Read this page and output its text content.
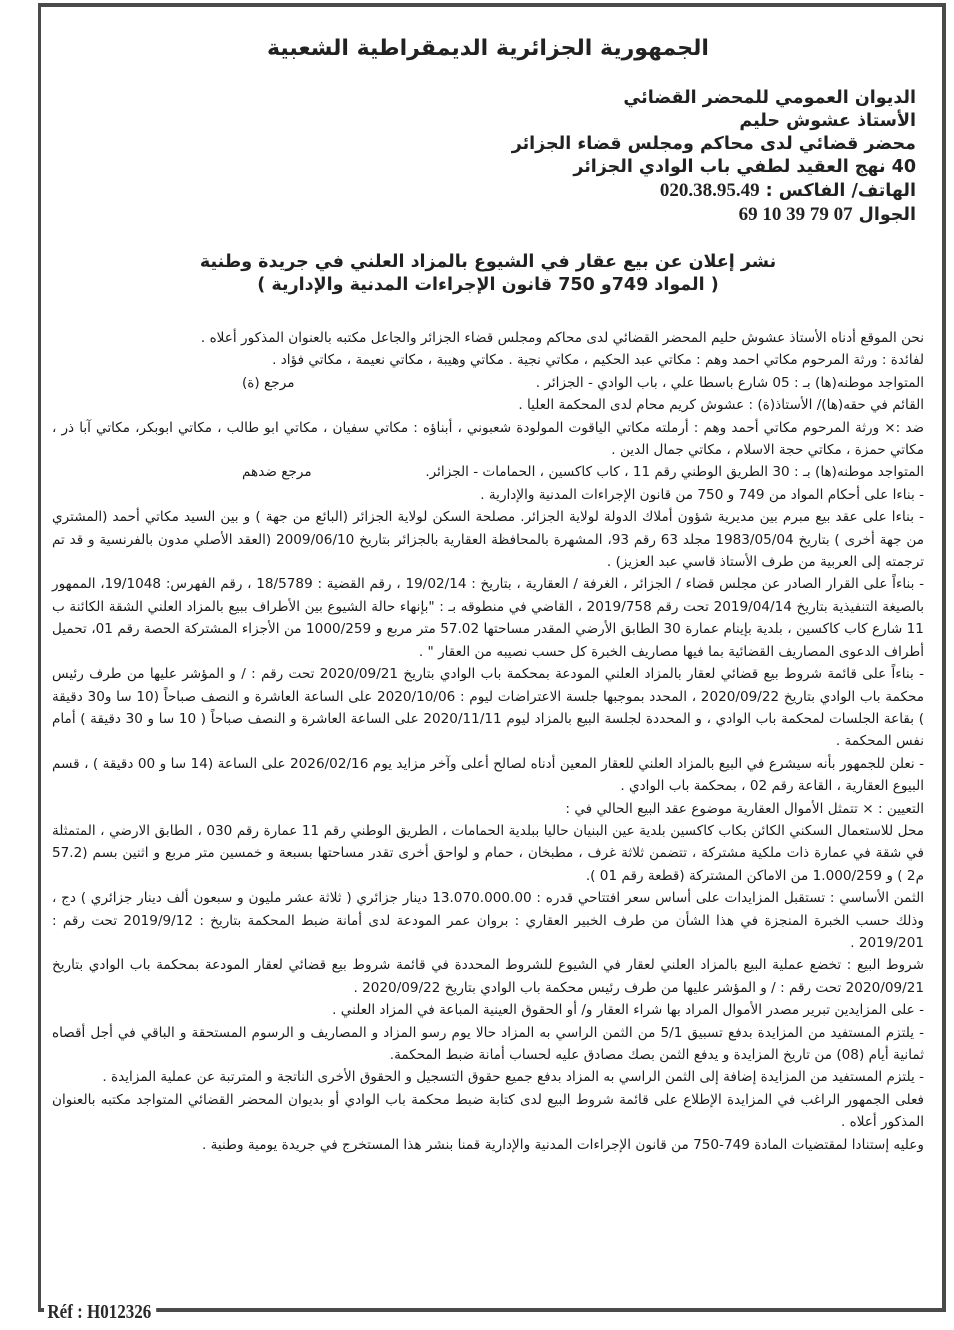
الجمهورية الجزائرية الديمقراطية الشعبية
الديوان العمومي للمحضر القضائي
الأستاذ عشوش حليم
محضر قضائي لدى محاكم ومجلس قضاء الجزائر
40 نهج العقيد لطفي باب الوادي الجزائر
الهاتف/ الفاكس : 020.38.95.49
الجوال 07 79 39 10 69
نشر إعلان عن بيع عقار في الشيوع بالمزاد العلني في جريدة وطنية
( المواد 749و 750 قانون الإجراءات المدنية والإدارية )

نحن الموقع أدناه الأستاذ عشوش حليم المحضر القضائي لدى محاكم ومجلس قضاء الجزائر والجاعل مكتبه بالعنوان المذكور أعلاه .

لفائدة : ورثة المرحوم مكاتي احمد وهم : مكاتي عبد الحكيم ، مكاتي نجية . مكاتي وهيبة ، مكاتي نعيمة ، مكاتي فؤاد .

المتواجد موطنه(ها) بـ : 05 شارع باسطا علي ، باب الوادي - الجزائر .
مرجع (ة)

القائم في حقه(ها)/ الأستاذ(ة) : عشوش كريم محام لدى المحكمة العليا .

ضد :× ورثة المرحوم مكاتي أحمد وهم : أرملته مكاتي الياقوت المولودة شعبوني ، أبناؤه : مكاتي سفيان ، مكاتي ابو طالب ، مكاتي ابوبكر، مكاتي آبا ذر ، مكاتي حمزة ، مكاتي حجة الاسلام ، مكاتي جمال الدين .

المتواجد موطنه(ها) بـ : 30 الطريق الوطني رقم 11 ، كاب كاكسين ، الحمامات - الجزائر.
مرجع ضدهم

- بناءا على أحكام المواد من 749 و 750 من قانون الإجراءات المدنية والإدارية .

- بناءا على عقد بيع مبرم بين مديرية شؤون أملاك الدولة لولاية الجزائر. مصلحة السكن لولاية الجزائر (البائع من جهة ) و بين السيد مكاتي أحمد (المشتري من جهة أخرى ) بتاريخ 1983/05/04 مجلد 63 رقم 93، المشهرة بالمحافظة العقارية بالجزائر بتاريخ 2009/06/10 (العقد الأصلي مدون بالفرنسية و قد تم ترجمته إلى العربية من طرف الأستاذ قاسي عبد العزيز) .

- بناءاً على القرار الصادر عن مجلس قضاء / الجزائر ، الغرفة / العقارية ، بتاريخ : 19/02/14 ، رقم القضية : 18/5789 ، رقم الفهرس: 19/1048، الممهور بالصيغة التنفيذية بتاريخ 2019/04/14 تحت رقم 2019/758 ، القاضي في منطوقه بـ : "بإنهاء حالة الشيوع بين الأطراف ببيع بالمزاد العلني الشقة الكائنة ب 11 شارع كاب كاكسين ، بلدية بإينام عمارة 30 الطابق الأرضي المقدر مساحتها 57.02 متر مربع و 1000/259 من الأجزاء المشتركة الحصة رقم 01، تحميل أطراف الدعوى المصاريف القضائية بما فيها مصاريف الخبرة كل حسب نصيبه من العقار " .

- بناءاً على قائمة شروط بيع قضائي لعقار بالمزاد العلني المودعة بمحكمة باب الوادي بتاريخ 2020/09/21 تحت رقم : / و المؤشر عليها من طرف رئيس محكمة باب الوادي بتاريخ 2020/09/22 ، المحدد بموجبها جلسة الاعتراضات ليوم : 2020/10/06 على الساعة العاشرة و النصف صباحاً (10 سا و30 دقيقة ) بقاعة الجلسات لمحكمة باب الوادي ، و المحددة لجلسة البيع بالمزاد ليوم 2020/11/11 على الساعة العاشرة و النصف صباحاً ( 10 سا و 30 دقيقة ) أمام نفس المحكمة .

- نعلن للجمهور بأنه سيشرع في البيع بالمزاد العلني للعقار المعين أدناه لصالح أعلى وآخر مزايد يوم 2026/02/16 على الساعة (14 سا و 00 دقيقة ) ، قسم البيوع العقارية ، القاعة رقم 02 ، بمحكمة باب الوادي .

التعيين : × تتمثل الأموال العقارية موضوع عقد البيع الحالي في :

محل للاستعمال السكني الكائن بكاب كاكسين بلدية عين البنيان حاليا ببلدية الحمامات ، الطريق الوطني رقم 11 عمارة رقم 030 ، الطابق الارضي ، المتمثلة في شقة في عمارة ذات ملكية مشتركة ، تتضمن ثلاثة غرف ، مطبخان ، حمام و لواحق أخرى تقدر مساحتها بسبعة و خمسين متر مربع و اثنين بسم (57.2 م2 ) و 1.000/259 من الاماكن المشتركة (قطعة رقم 01 ).

الثمن الأساسي : تستقبل المزايدات على أساس سعر افتتاحي قدره : 13.070.000.00 دينار جزائري ( ثلاثة عشر مليون و سبعون ألف دينار جزائري ) دج ، وذلك حسب الخبرة المنجزة في هذا الشأن من طرف الخبير العقاري : بروان عمر المودعة لدى أمانة ضبط المحكمة بتاريخ : 2019/9/12 تحت رقم : 2019/201 .

شروط البيع : تخضع عملية البيع بالمزاد العلني لعقار في الشيوع للشروط المحددة في قائمة شروط بيع قضائي لعقار المودعة بمحكمة باب الوادي بتاريخ 2020/09/21 تحت رقم : / و المؤشر عليها من طرف رئيس محكمة باب الوادي بتاريخ 2020/09/22 .

- على المزايدين تبرير مصدر الأموال المراد بها شراء العقار و/ أو الحقوق العينية المباعة في المزاد العلني .

- يلتزم المستفيد من المزايدة بدفع تسبيق 5/1 من الثمن الراسي به المزاد حالا يوم رسو المزاد و المصاريف و الرسوم المستحقة و الباقي في أجل أقصاه ثمانية أيام (08) من تاريخ المزايدة و يدفع الثمن بصك مصادق عليه لحساب أمانة ضبط المحكمة.

- يلتزم المستفيد من المزايدة إضافة إلى الثمن الراسي به المزاد بدفع جميع حقوق التسجيل و الحقوق الأخرى الناتجة و المترتبة عن عملية المزايدة .

فعلى الجمهور الراغب في المزايدة الإطلاع على قائمة شروط البيع لدى كتابة ضبط محكمة باب الوادي أو بديوان المحضر القضائي المتواجد مكتبه بالعنوان المذكور أعلاه .

وعليه إستنادا لمقتضيات المادة 749-750 من قانون الإجراءات المدنية والإدارية قمنا بنشر هذا المستخرج في جريدة يومية وطنية .

Réf : H012326
